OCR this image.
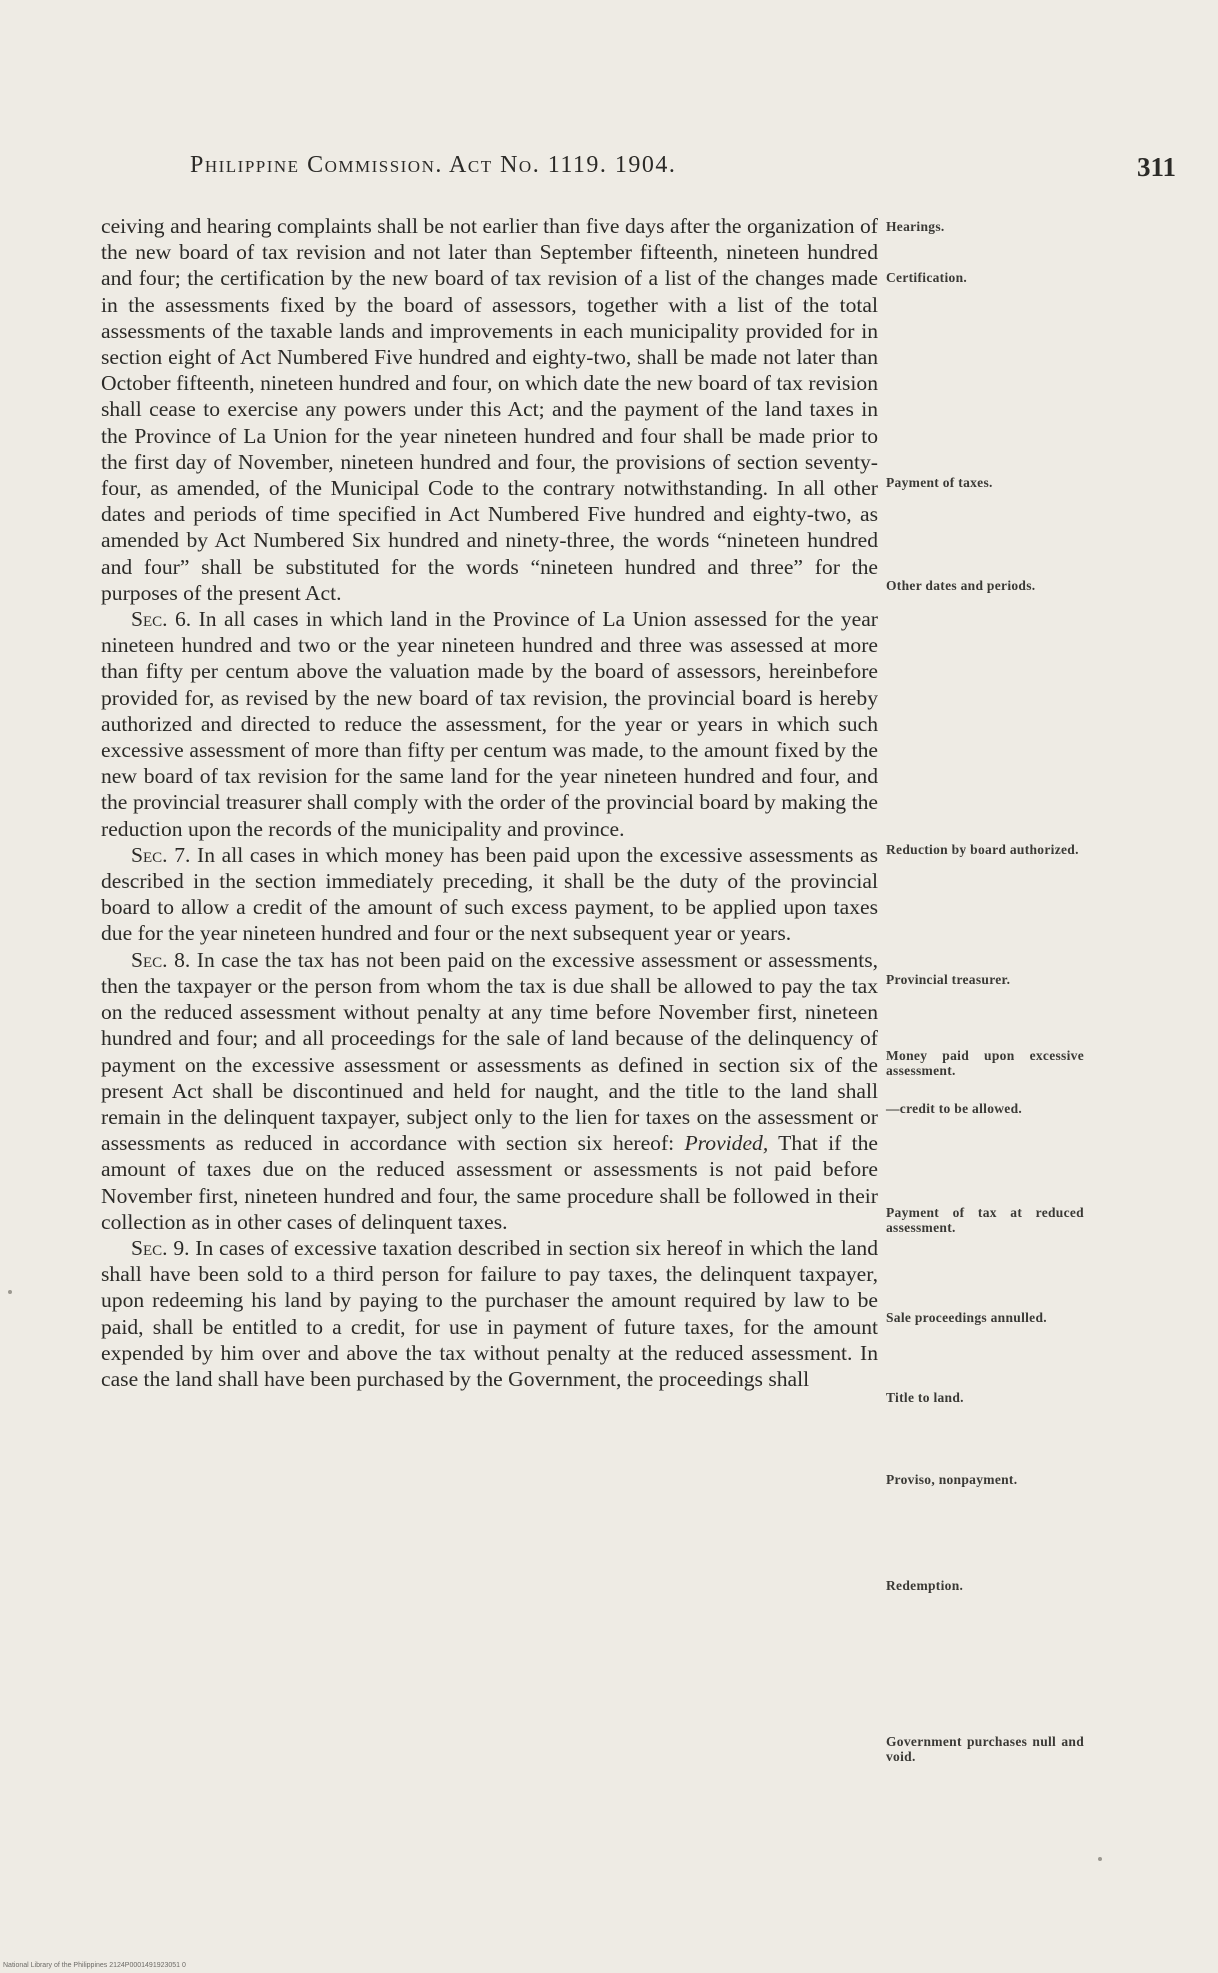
Philippine Commission. Act No. 1119. 1904.	311

ceiving and hearing complaints shall be not earlier than five days after the organization of the new board of tax revision and not later than September fifteenth, nineteen hundred and four; the certification by the new board of tax revision of a list of the changes made in the assessments fixed by the board of assessors, together with a list of the total assessments of the taxable lands and improvements in each municipality provided for in section eight of Act Numbered Five hundred and eighty-two, shall be made not later than October fifteenth, nineteen hundred and four, on which date the new board of tax revision shall cease to exercise any powers under this Act; and the payment of the land taxes in the Province of La Union for the year nineteen hundred and four shall be made prior to the first day of November, nineteen hundred and four, the provisions of section seventy-four, as amended, of the Municipal Code to the contrary notwithstanding. In all other dates and periods of time specified in Act Numbered Five hundred and eighty-two, as amended by Act Numbered Six hundred and ninety-three, the words “nineteen hundred and four” shall be substituted for the words “nineteen hundred and three” for the purposes of the present Act.

Sec. 6. In all cases in which land in the Province of La Union assessed for the year nineteen hundred and two or the year nineteen hundred and three was assessed at more than fifty per centum above the valuation made by the board of assessors, hereinbefore provided for, as revised by the new board of tax revision, the provincial board is hereby authorized and directed to reduce the assessment, for the year or years in which such excessive assessment of more than fifty per centum was made, to the amount fixed by the new board of tax revision for the same land for the year nineteen hundred and four, and the provincial treasurer shall comply with the order of the provincial board by making the reduction upon the records of the municipality and province.

Sec. 7. In all cases in which money has been paid upon the excessive assessments as described in the section immediately preceding, it shall be the duty of the provincial board to allow a credit of the amount of such excess payment, to be applied upon taxes due for the year nineteen hundred and four or the next subsequent year or years.

Sec. 8. In case the tax has not been paid on the excessive assessment or assessments, then the taxpayer or the person from whom the tax is due shall be allowed to pay the tax on the reduced assessment without penalty at any time before November first, nineteen hundred and four; and all proceedings for the sale of land because of the delinquency of payment on the excessive assessment or assessments as defined in section six of the present Act shall be discontinued and held for naught, and the title to the land shall remain in the delinquent taxpayer, subject only to the lien for taxes on the assessment or assessments as reduced in accordance with section six hereof: Provided, That if the amount of taxes due on the reduced assessment or assessments is not paid before November first, nineteen hundred and four, the same procedure shall be followed in their collection as in other cases of delinquent taxes.

Sec. 9. In cases of excessive taxation described in section six hereof in which the land shall have been sold to a third person for failure to pay taxes, the delinquent taxpayer, upon redeeming his land by paying to the purchaser the amount required by law to be paid, shall be entitled to a credit, for use in payment of future taxes, for the amount expended by him over and above the tax without penalty at the reduced assessment. In case the land shall have been purchased by the Government, the proceedings shall

Hearings.
Certification.
Payment of taxes.
Other dates and periods.
Reduction by board authorized.
Provincial treasurer.
Money paid upon excessive assessment.
—credit to be allowed.
Payment of tax at reduced assessment.
Sale proceedings annulled.
Title to land.
Proviso, nonpayment.
Redemption.
Government purchases null and void.
National Library of the Philippines 2124P0001491923051 0
